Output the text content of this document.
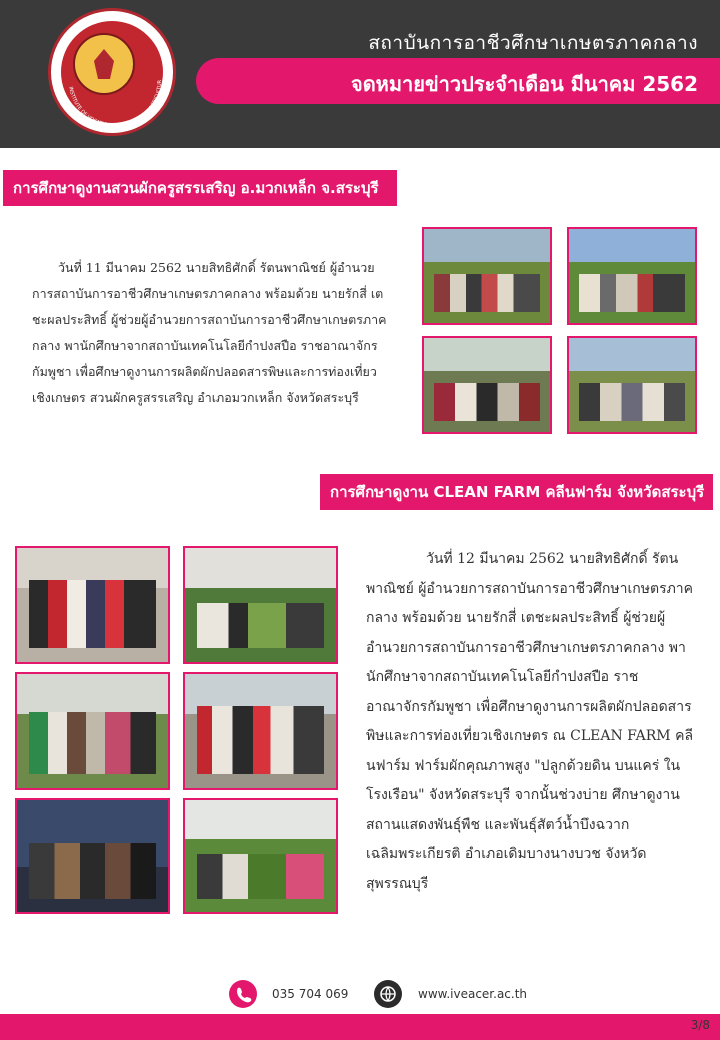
INSTITUTE OF VOCATIONAL EDUCATION IN AGRICULTUR
สถาบันการอาชีวศึกษาเกษตรภาคกลาง
จดหมายข่าวประจำเดือน มีนาคม 2562
การศึกษาดูงานสวนผักครูสรรเสริญ อ.มวกเหล็ก จ.สระบุรี
วันที่ 11 มีนาคม 2562 นายสิทธิศักดิ์ รัตนพาณิชย์ ผู้อำนวยการสถาบันการอาชีวศึกษาเกษตรภาคกลาง พร้อมด้วย นายรักสี่ เตชะผลประสิทธิ์ ผู้ช่วยผู้อำนวยการสถาบันการอาชีวศึกษาเกษตรภาคกลาง พานักศึกษาจากสถาบันเทคโนโลยีกำปงสปือ ราชอาณาจักรกัมพูชา เพื่อศึกษาดูงานการผลิตผักปลอดสารพิษและการท่องเที่ยวเชิงเกษตร สวนผักครูสรรเสริญ อำเภอมวกเหล็ก จังหวัดสระบุรี
การศึกษาดูงาน CLEAN FARM คลีนฟาร์ม จังหวัดสระบุรี
วันที่ 12 มีนาคม 2562 นายสิทธิศักดิ์ รัตนพาณิชย์ ผู้อำนวยการสถาบันการอาชีวศึกษาเกษตรภาคกลาง พร้อมด้วย นายรักสี่ เตชะผลประสิทธิ์ ผู้ช่วยผู้อำนวยการสถาบันการอาชีวศึกษาเกษตรภาคกลาง พานักศึกษาจากสถาบันเทคโนโลยีกำปงสปือ ราชอาณาจักรกัมพูชา เพื่อศึกษาดูงานการผลิตผักปลอดสารพิษและการท่องเที่ยวเชิงเกษตร ณ CLEAN FARM คลีนฟาร์ม ฟาร์มผักคุณภาพสูง "ปลูกด้วยดิน บนแคร่ ในโรงเรือน" จังหวัดสระบุรี จากนั้นช่วงบ่าย ศึกษาดูงานสถานแสดงพันธุ์พืช และพันธุ์สัตว์น้ำบึงฉวากเฉลิมพระเกียรติ อำเภอเดิมบางนางบวช จังหวัดสุพรรณบุรี
035 704 069	www.iveacer.ac.th
3/8
